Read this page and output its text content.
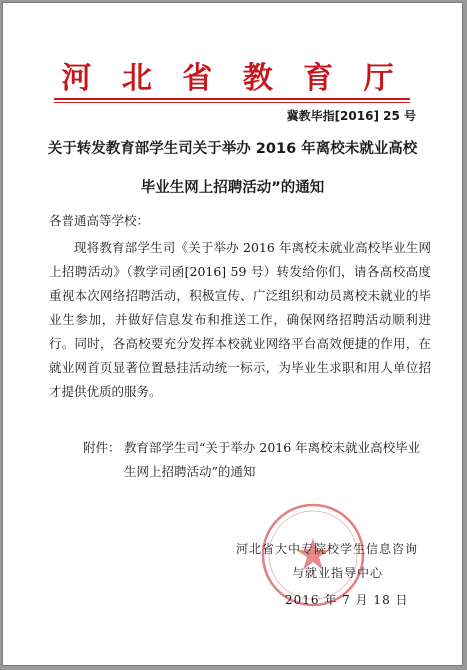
河 北 省 教 育 厅
冀教毕指[2016] 25 号
关于转发教育部学生司关于举办 2016 年离校未就业高校
毕业生网上招聘活动”的通知
各普通高等学校：
现将教育部学生司《关于举办 2016 年离校未就业高校毕业生网上招聘活动》（教学司函[2016] 59 号）转发给你们，请各高校高度重视本次网络招聘活动，积极宣传、广泛组织和动员离校未就业的毕业生参加，并做好信息发布和推送工作，确保网络招聘活动顺利进行。同时，各高校要充分发挥本校就业网络平台高效便捷的作用，在就业网首页显著位置悬挂活动统一标示，为毕业生求职和用人单位招才提供优质的服务。
附件： 教育部学生司“关于举办 2016 年离校未就业高校毕业生网上招聘活动”的通知
河北省大中专院校学生信息咨询
与就业指导中心
2016 年 7 月 18 日
